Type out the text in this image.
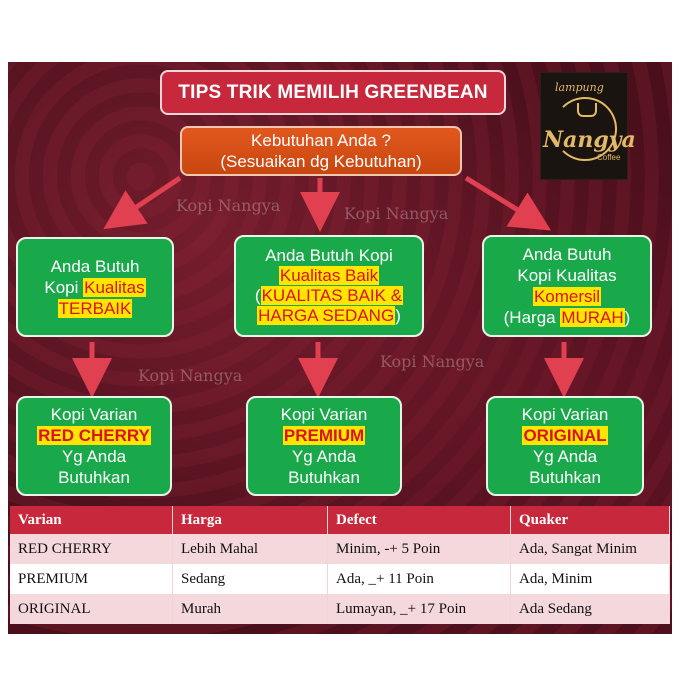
TIPS TRIK MEMILIH GREENBEAN	lampung
Nangya
Coffee
Kebutuhan Anda ?
(Sesuaikan dg Kebutuhan)
Kopi Nangya	Kopi Nangya
Kopi Nangya
Kopi Nangya
Anda Butuh
Kopi Kualitas
TERBAIK
Anda Butuh Kopi
Kualitas Baik
(KUALITAS BAIK &
HARGA SEDANG)
Anda Butuh
Kopi Kualitas
Komersil
(Harga MURAH)
Kopi Varian
RED CHERRY
Yg Anda
Butuhkan
Kopi Varian
PREMIUM
Yg Anda
Butuhkan
Kopi Varian
ORIGINAL
Yg Anda
Butuhkan
Varian	Harga	Defect	Quaker
RED CHERRY	Lebih Mahal	Minim, -+ 5 Poin	Ada, Sangat Minim
PREMIUM	Sedang	Ada, _+ 11 Poin	Ada, Minim
ORIGINAL	Murah	Lumayan, _+ 17 Poin	Ada Sedang
